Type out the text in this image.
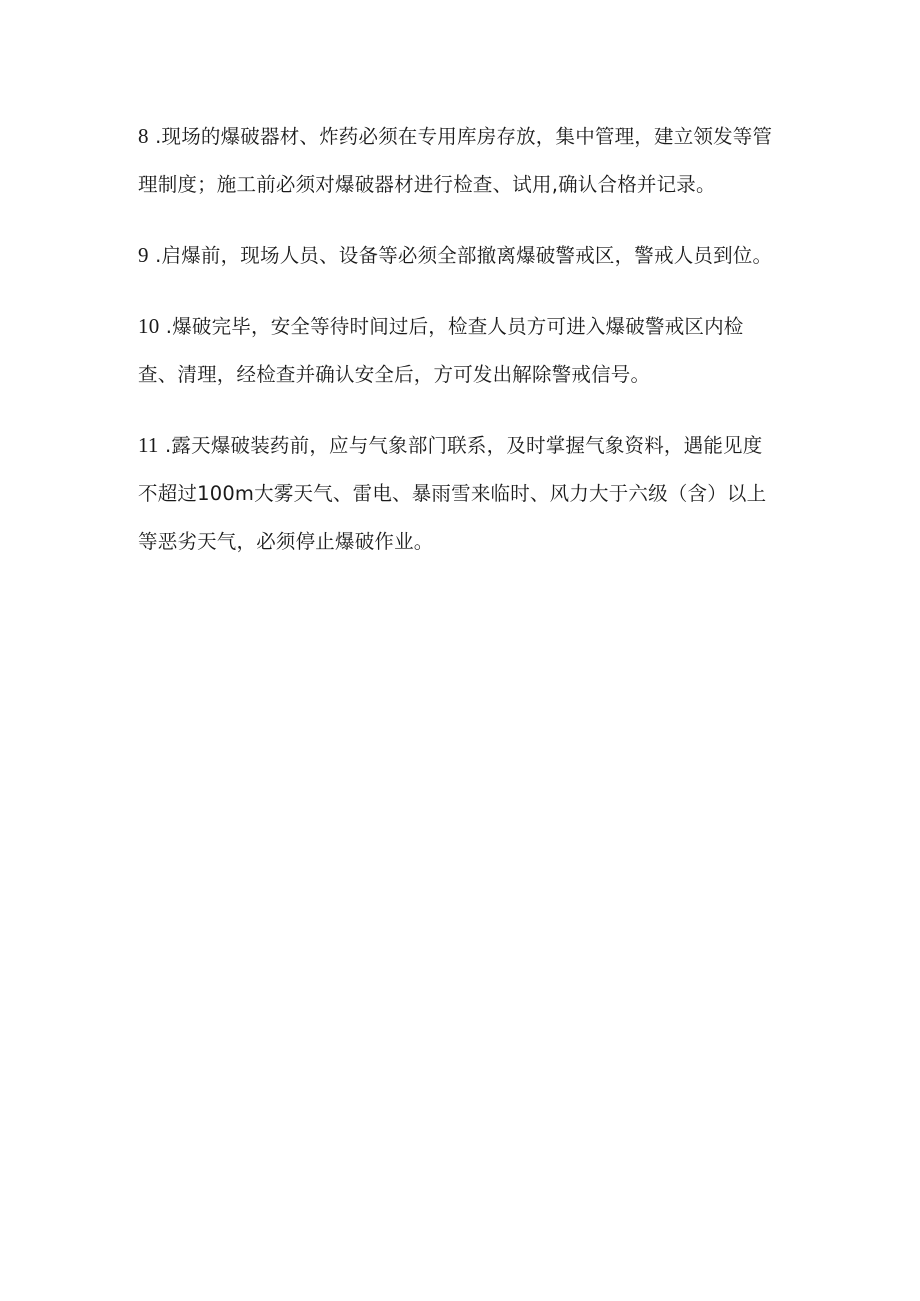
8 .现场的爆破器材、炸药必须在专用库房存放，集中管理，建立领发等管
理制度；施工前必须对爆破器材进行检查、试用,确认合格并记录。
9 .启爆前，现场人员、设备等必须全部撤离爆破警戒区，警戒人员到位。
10 .爆破完毕，安全等待时间过后，检查人员方可进入爆破警戒区内检
查、清理，经检查并确认安全后，方可发出解除警戒信号。
11 .露天爆破装药前，应与气象部门联系，及时掌握气象资料，遇能见度
不超过100m大雾天气、雷电、暴雨雪来临时、风力大于六级（含）以上
等恶劣天气，必须停止爆破作业。
